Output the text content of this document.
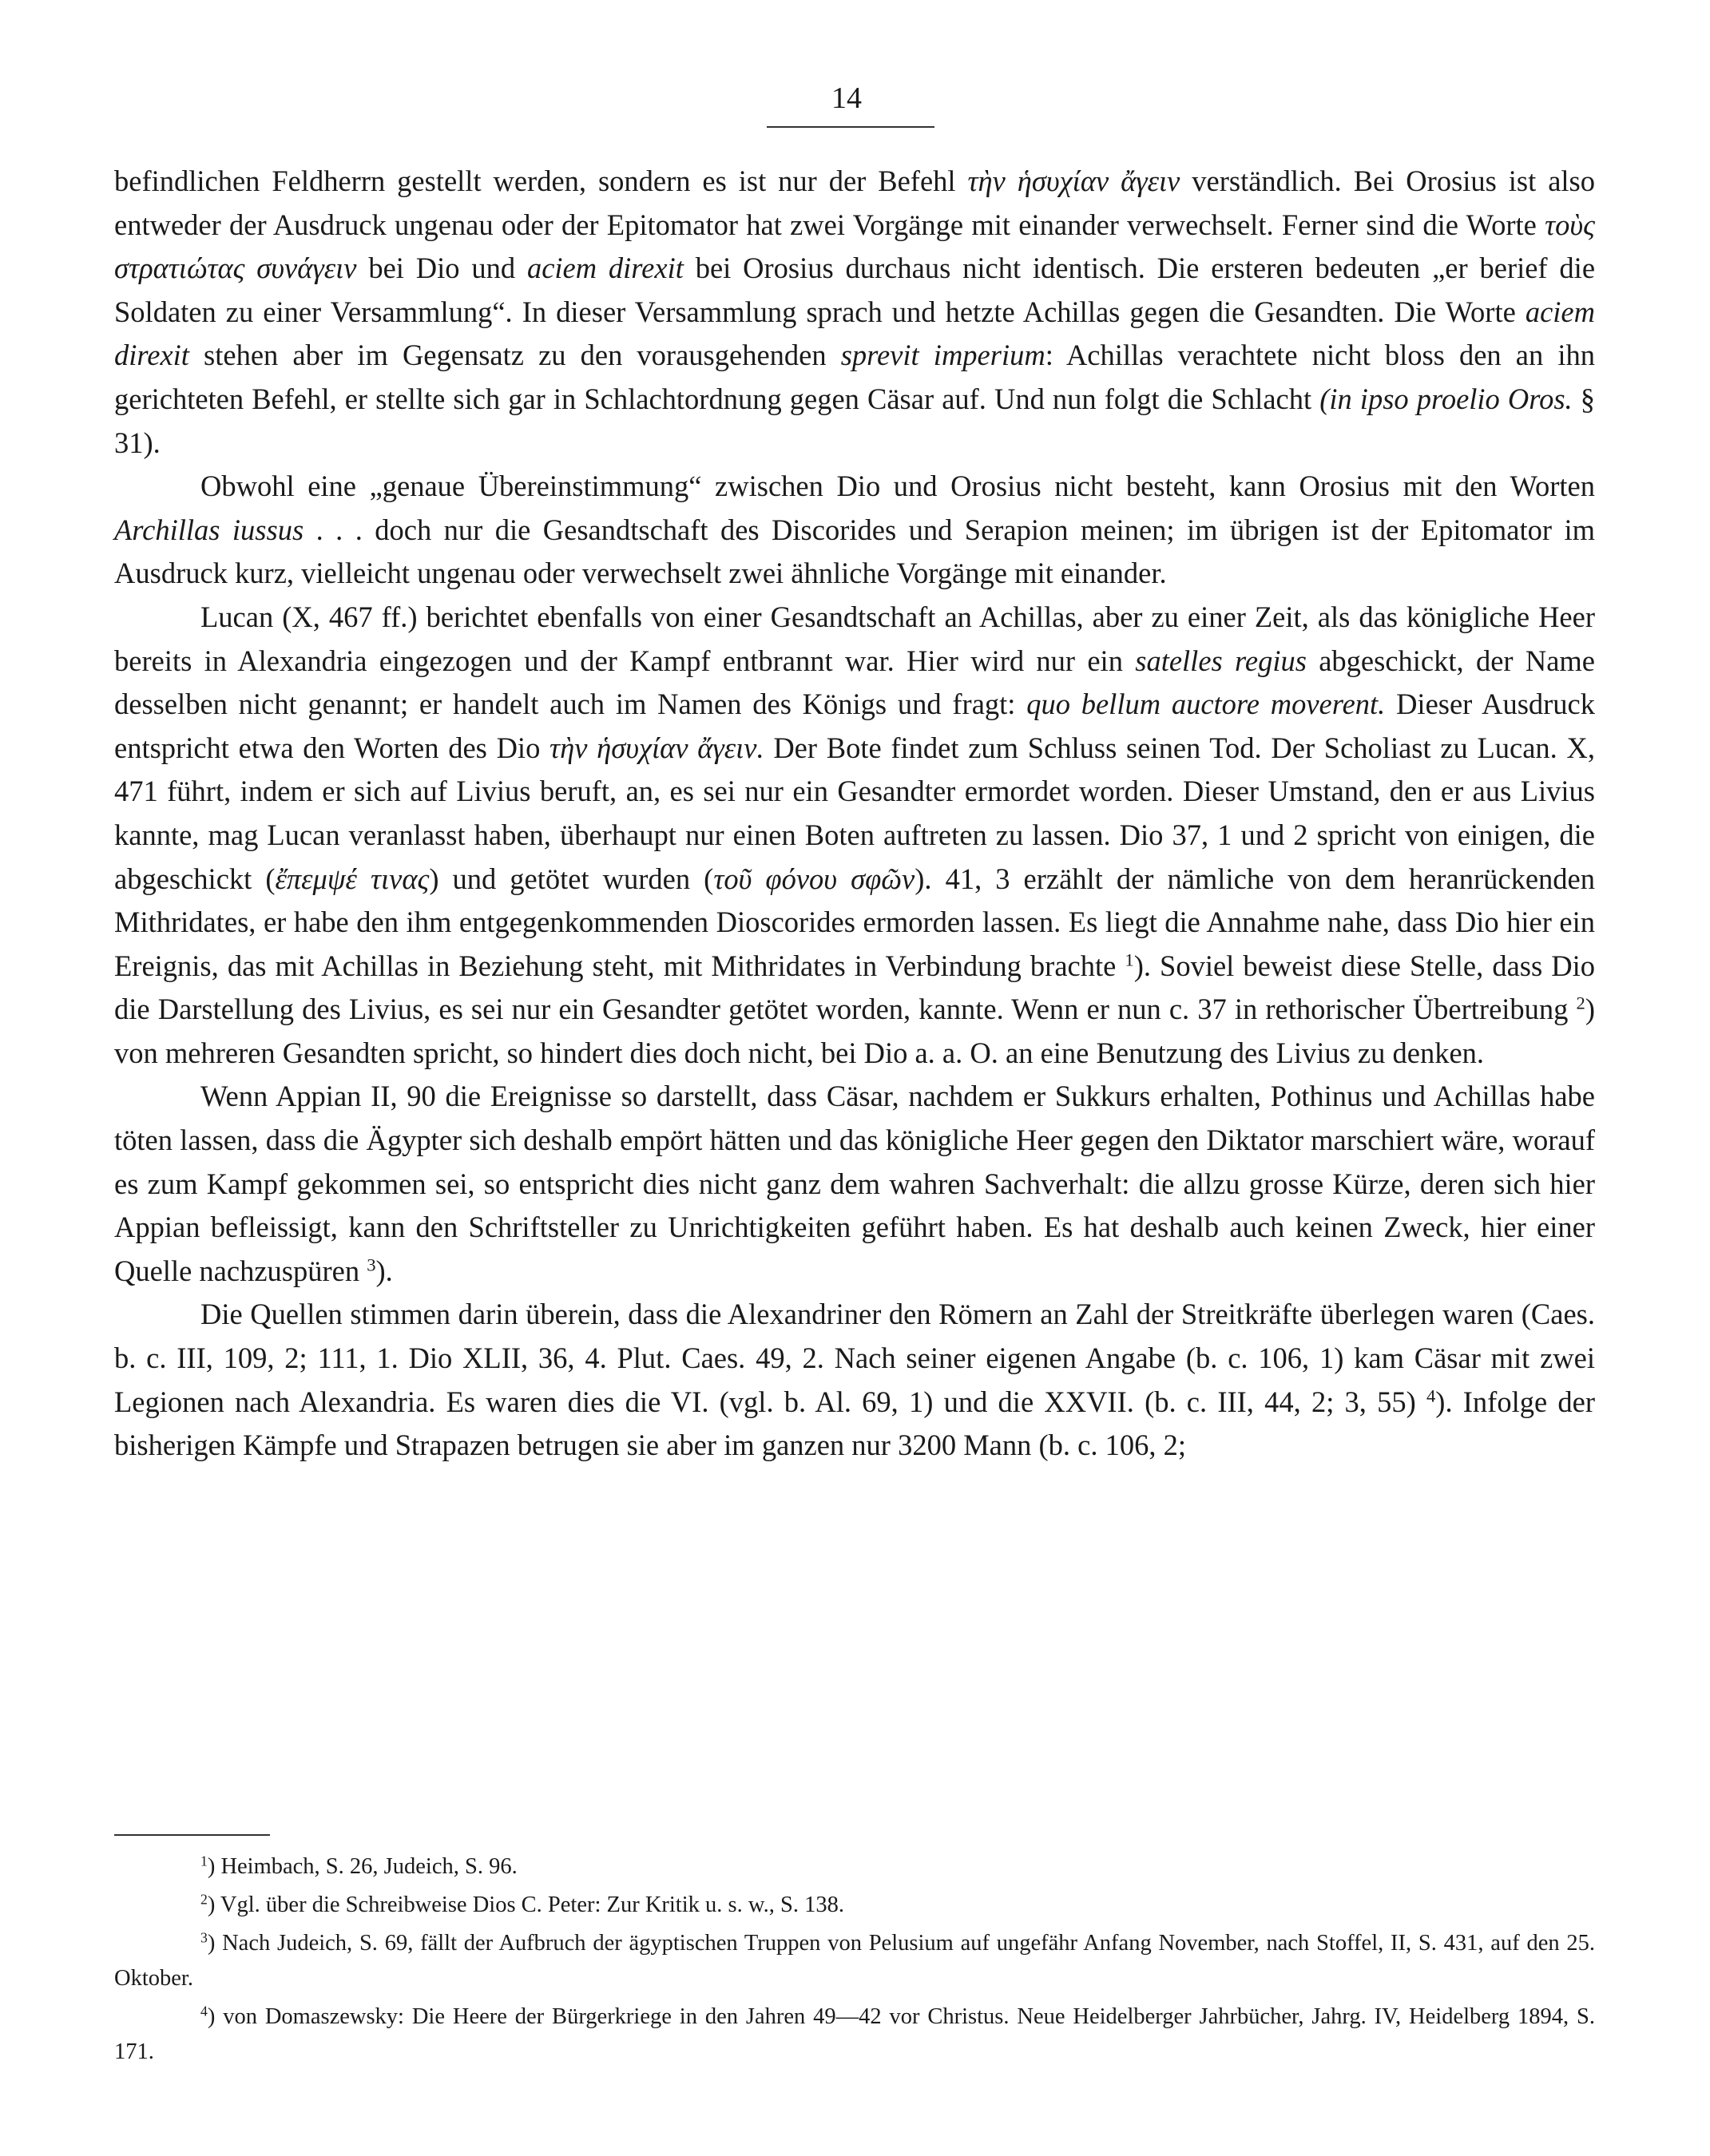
14

befindlichen Feldherrn gestellt werden, sondern es ist nur der Befehl τὴν ἡσυχίαν ἄγειν verständlich. Bei Orosius ist also entweder der Ausdruck ungenau oder der Epitomator hat zwei Vorgänge mit einander verwechselt. Ferner sind die Worte τοὺς στρατιώτας συνάγειν bei Dio und aciem direxit bei Orosius durchaus nicht identisch. Die ersteren bedeuten „er berief die Soldaten zu einer Versammlung“. In dieser Versammlung sprach und hetzte Achillas gegen die Gesandten. Die Worte aciem direxit stehen aber im Gegensatz zu den vorausgehenden sprevit imperium: Achillas verachtete nicht bloss den an ihn gerichteten Befehl, er stellte sich gar in Schlachtordnung gegen Cäsar auf. Und nun folgt die Schlacht (in ipso proelio Oros. § 31).

Obwohl eine „genaue Übereinstimmung“ zwischen Dio und Orosius nicht besteht, kann Orosius mit den Worten Archillas iussus . . . doch nur die Gesandtschaft des Discorides und Serapion meinen; im übrigen ist der Epitomator im Ausdruck kurz, vielleicht ungenau oder verwechselt zwei ähnliche Vorgänge mit einander.

Lucan (X, 467 ff.) berichtet ebenfalls von einer Gesandtschaft an Achillas, aber zu einer Zeit, als das königliche Heer bereits in Alexandria eingezogen und der Kampf entbrannt war. Hier wird nur ein satelles regius abgeschickt, der Name desselben nicht genannt; er handelt auch im Namen des Königs und fragt: quo bellum auctore moverent. Dieser Ausdruck entspricht etwa den Worten des Dio τὴν ἡσυχίαν ἄγειν. Der Bote findet zum Schluss seinen Tod. Der Scholiast zu Lucan. X, 471 führt, indem er sich auf Livius beruft, an, es sei nur ein Gesandter ermordet worden. Dieser Umstand, den er aus Livius kannte, mag Lucan veranlasst haben, überhaupt nur einen Boten auftreten zu lassen. Dio 37, 1 und 2 spricht von einigen, die abgeschickt (ἔπεμψέ τινας) und getötet wurden (τοῦ φόνου σφῶν). 41, 3 erzählt der nämliche von dem heranrückenden Mithridates, er habe den ihm entgegenkommenden Dioscorides ermorden lassen. Es liegt die Annahme nahe, dass Dio hier ein Ereignis, das mit Achillas in Beziehung steht, mit Mithridates in Verbindung brachte $^1$). Soviel beweist diese Stelle, dass Dio die Darstellung des Livius, es sei nur ein Gesandter getötet worden, kannte. Wenn er nun c. 37 in rethorischer Übertreibung $^2$) von mehreren Gesandten spricht, so hindert dies doch nicht, bei Dio a. a. O. an eine Benutzung des Livius zu denken.

Wenn Appian II, 90 die Ereignisse so darstellt, dass Cäsar, nachdem er Sukkurs erhalten, Pothinus und Achillas habe töten lassen, dass die Ägypter sich deshalb empört hätten und das königliche Heer gegen den Diktator marschiert wäre, worauf es zum Kampf gekommen sei, so entspricht dies nicht ganz dem wahren Sachverhalt: die allzu grosse Kürze, deren sich hier Appian befleissigt, kann den Schriftsteller zu Unrichtigkeiten geführt haben. Es hat deshalb auch keinen Zweck, hier einer Quelle nachzuspüren $^3$).

Die Quellen stimmen darin überein, dass die Alexandriner den Römern an Zahl der Streitkräfte überlegen waren (Caes. b. c. III, 109, 2; 111, 1. Dio XLII, 36, 4. Plut. Caes. 49, 2. Nach seiner eigenen Angabe (b. c. 106, 1) kam Cäsar mit zwei Legionen nach Alexandria. Es waren dies die VI. (vgl. b. Al. 69, 1) und die XXVII. (b. c. III, 44, 2; 3, 55) $^4$). Infolge der bisherigen Kämpfe und Strapazen betrugen sie aber im ganzen nur 3200 Mann (b. c. 106, 2;

$^1$) Heimbach, S. 26, Judeich, S. 96.

$^2$) Vgl. über die Schreibweise Dios C. Peter: Zur Kritik u. s. w., S. 138.

$^3$) Nach Judeich, S. 69, fällt der Aufbruch der ägyptischen Truppen von Pelusium auf ungefähr Anfang November, nach Stoffel, II, S. 431, auf den 25. Oktober.

$^4$) von Domaszewsky: Die Heere der Bürgerkriege in den Jahren 49—42 vor Christus. Neue Heidelberger Jahrbücher, Jahrg. IV, Heidelberg 1894, S. 171.
